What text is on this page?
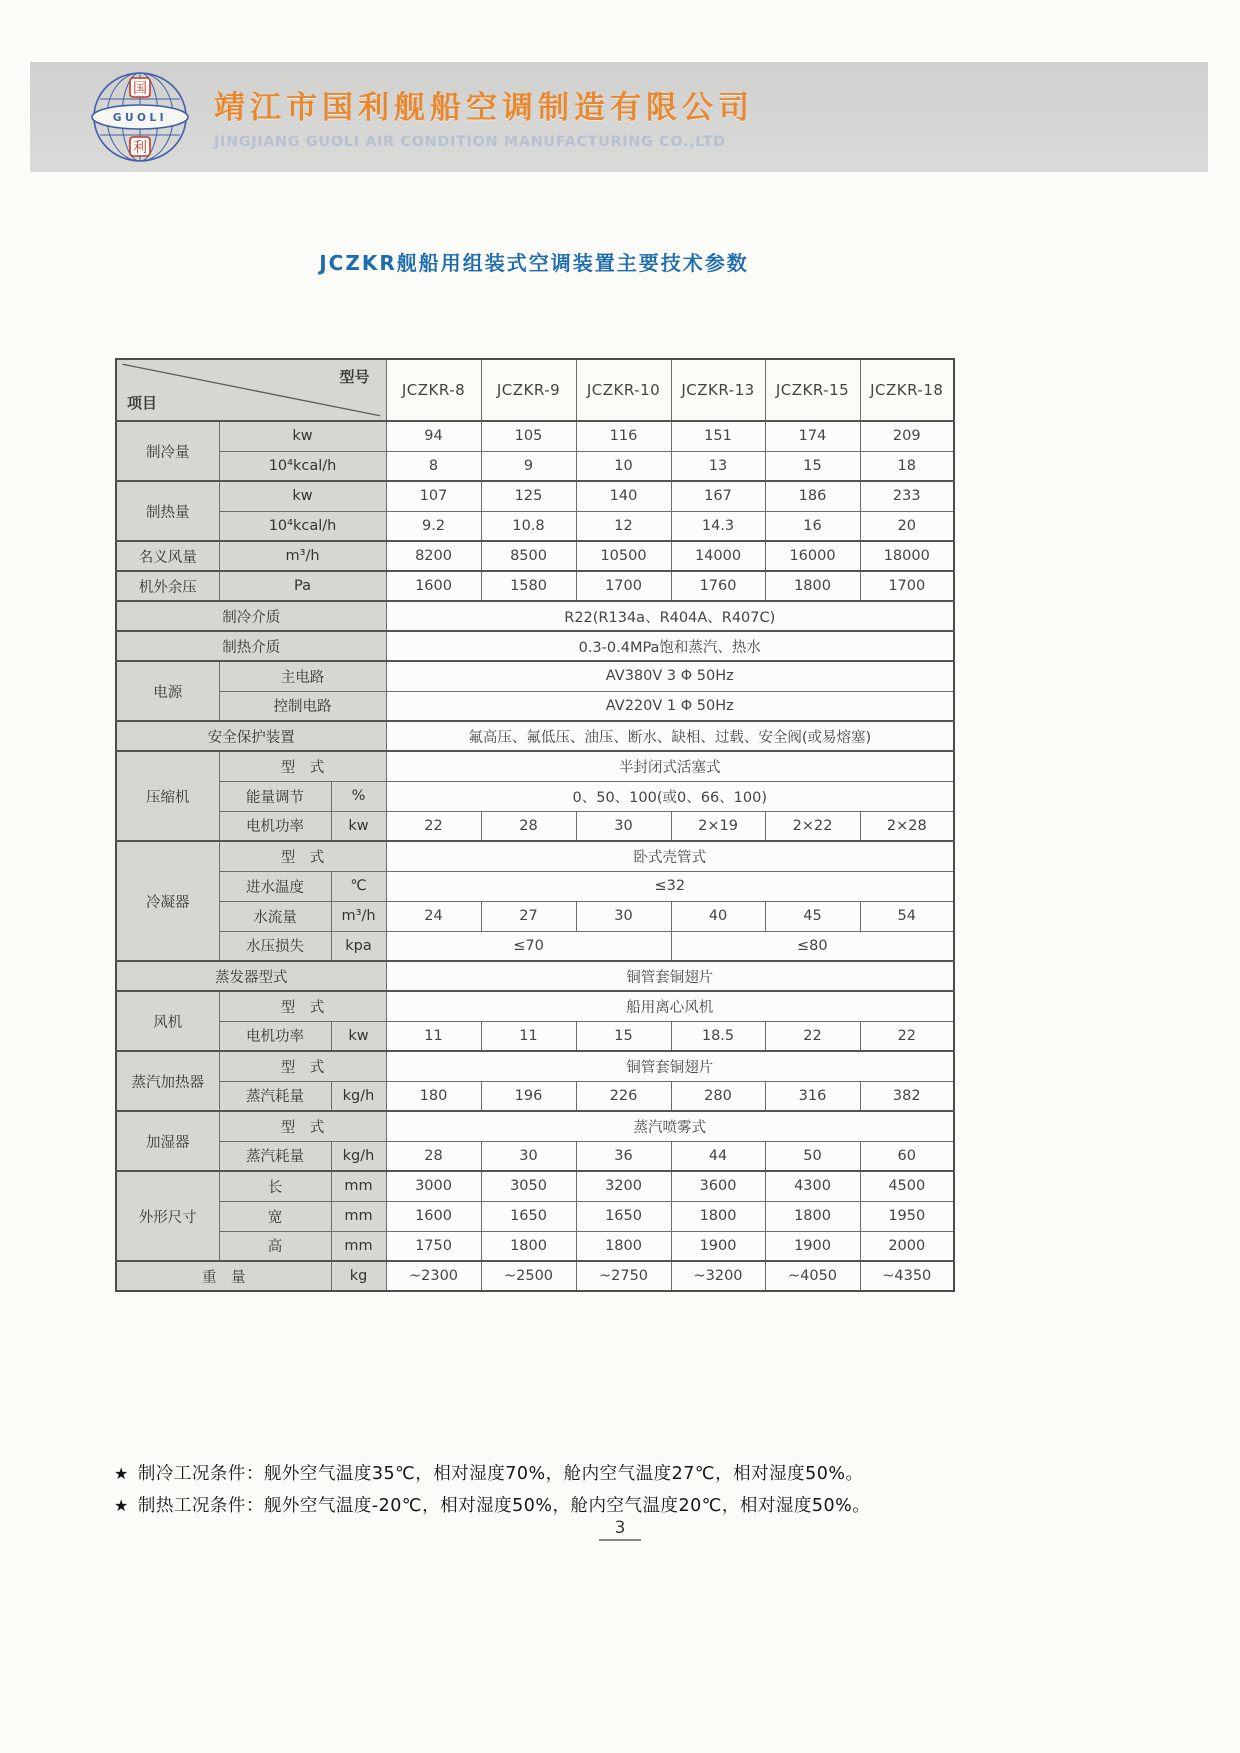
GUOLI
国
利
靖江市国利舰船空调制造有限公司
JINGJIANG GUOLI AIR CONDITION MANUFACTURING CO.,LTD
JCZKR舰船用组装式空调装置主要技术参数
型号
项目			JCZKR-8	JCZKR-9	JCZKR-10	JCZKR-13	JCZKR-15	JCZKR-18
制冷量	kw		94	105	116	151	174	209
	10⁴kcal/h		8	9	10	13	15	18
制热量	kw		107	125	140	167	186	233
	10⁴kcal/h		9.2	10.8	12	14.3	16	20
名义风量	m³/h		8200	8500	10500	14000	16000	18000
机外余压	Pa		1600	1580	1700	1760	1800	1700
制冷介质			R22(R134a、R404A、R407C)					
制热介质			0.3-0.4MPa饱和蒸汽、热水					
电源	主电路		AV380V 3 Φ 50Hz					
	控制电路		AV220V 1 Φ 50Hz					
安全保护装置			氟高压、氟低压、油压、断水、缺相、过载、安全阀(或易熔塞)					
压缩机	型　式		半封闭式活塞式					
	能量调节	%	0、50、100(或0、66、100)					
	电机功率	kw	22	28	30	2×19	2×22	2×28
冷凝器	型　式		卧式壳管式					
	进水温度	℃	≤32					
	水流量	m³/h	24	27	30	40	45	54
	水压损失	kpa	≤70			≤80		
蒸发器型式			铜管套铜翅片					
风机	型　式		船用离心风机					
	电机功率	kw	11	11	15	18.5	22	22
蒸汽加热器	型　式		铜管套铜翅片					
	蒸汽耗量	kg/h	180	196	226	280	316	382
加湿器	型　式		蒸汽喷雾式					
	蒸汽耗量	kg/h	28	30	36	44	50	60
外形尺寸	长	mm	3000	3050	3200	3600	4300	4500
	宽	mm	1600	1650	1650	1800	1800	1950
	高	mm	1750	1800	1800	1900	1900	2000
重　量		kg	~2300	~2500	~2750	~3200	~4050	~4350
★ 制冷工况条件：舰外空气温度35℃，相对湿度70%，舱内空气温度27℃，相对湿度50%。
★ 制热工况条件：舰外空气温度-20℃，相对湿度50%，舱内空气温度20℃，相对湿度50%。
3
